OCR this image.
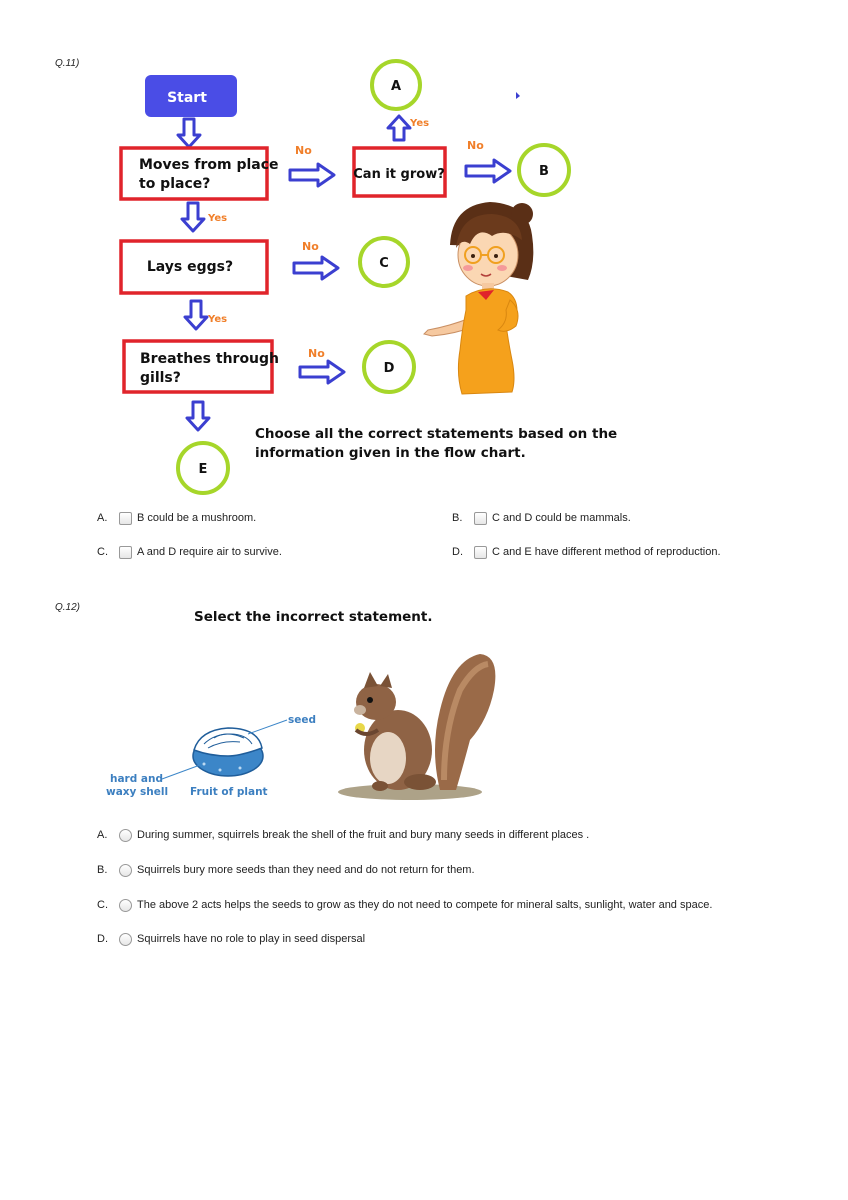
Q.11)
Start
Moves from place
to place?
Can it grow?
Lays eggs?
Breathes through
gills?
Yes
Yes
Yes
No	No
No
No
A
B
C
D
E
Choose all the correct statements based on the
information given in the flow chart.
A.	B could be a mushroom.	B.	C and D could be mammals.
C.	A and D require air to survive.	D.	C and E have different method of reproduction.
Q.12)
Select the incorrect statement.
seed
hard and
waxy shell Fruit of plant
A.	During summer, squirrels break the shell of the fruit and bury many seeds in different places .
B.	Squirrels bury more seeds than they need and do not return for them.
C.	The above 2 acts helps the seeds to grow as they do not need to compete for mineral salts, sunlight, water and space.
D.	Squirrels have no role to play in seed dispersal
